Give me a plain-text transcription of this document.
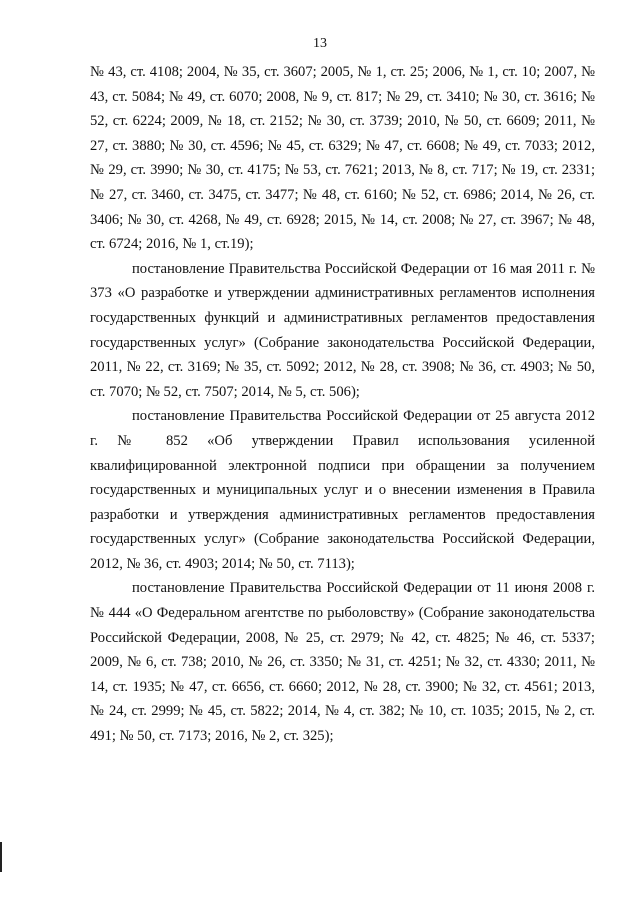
13

№ 43, ст. 4108; 2004, № 35, ст. 3607; 2005, № 1, ст. 25; 2006, № 1, ст. 10; 2007, № 43, ст. 5084; № 49, ст. 6070; 2008, № 9, ст. 817; № 29, ст. 3410; № 30, ст. 3616; № 52, ст. 6224; 2009, № 18, ст. 2152; № 30, ст. 3739; 2010, № 50, ст. 6609; 2011, № 27, ст. 3880; № 30, ст. 4596; № 45, ст. 6329; № 47, ст. 6608; № 49, ст. 7033; 2012, № 29, ст. 3990; № 30, ст. 4175; № 53, ст. 7621; 2013, № 8, ст. 717; № 19, ст. 2331; № 27, ст. 3460, ст. 3475, ст. 3477; № 48, ст. 6160; № 52, ст. 6986; 2014, № 26, ст. 3406; № 30, ст. 4268, № 49, ст. 6928; 2015, № 14, ст. 2008; № 27, ст. 3967; № 48, ст. 6724; 2016, № 1, ст.19);

постановление Правительства Российской Федерации от 16 мая 2011 г. № 373 «О разработке и утверждении административных регламентов исполнения государственных функций и административных регламентов предоставления государственных услуг» (Собрание законодательства Российской Федерации, 2011, № 22, ст. 3169; № 35, ст. 5092; 2012, № 28, ст. 3908; № 36, ст. 4903; № 50, ст. 7070; № 52, ст. 7507; 2014, № 5, ст. 506);

постановление Правительства Российской Федерации от 25 августа 2012 г. № 852 «Об утверждении Правил использования усиленной квалифицированной электронной подписи при обращении за получением государственных и муниципальных услуг и о внесении изменения в Правила разработки и утверждения административных регламентов предоставления государственных услуг» (Собрание законодательства Российской Федерации, 2012, № 36, ст. 4903; 2014; № 50, ст. 7113);

постановление Правительства Российской Федерации от 11 июня 2008 г. № 444 «О Федеральном агентстве по рыболовству» (Собрание законодательства Российской Федерации, 2008, № 25, ст. 2979; № 42, ст. 4825; № 46, ст. 5337; 2009, № 6, ст. 738; 2010, № 26, ст. 3350; № 31, ст. 4251; № 32, ст. 4330; 2011, № 14, ст. 1935; № 47, ст. 6656, ст. 6660; 2012, № 28, ст. 3900; № 32, ст. 4561; 2013, № 24, ст. 2999; № 45, ст. 5822; 2014, № 4, ст. 382; № 10, ст. 1035; 2015, № 2, ст. 491; № 50, ст. 7173; 2016, № 2, ст. 325);
